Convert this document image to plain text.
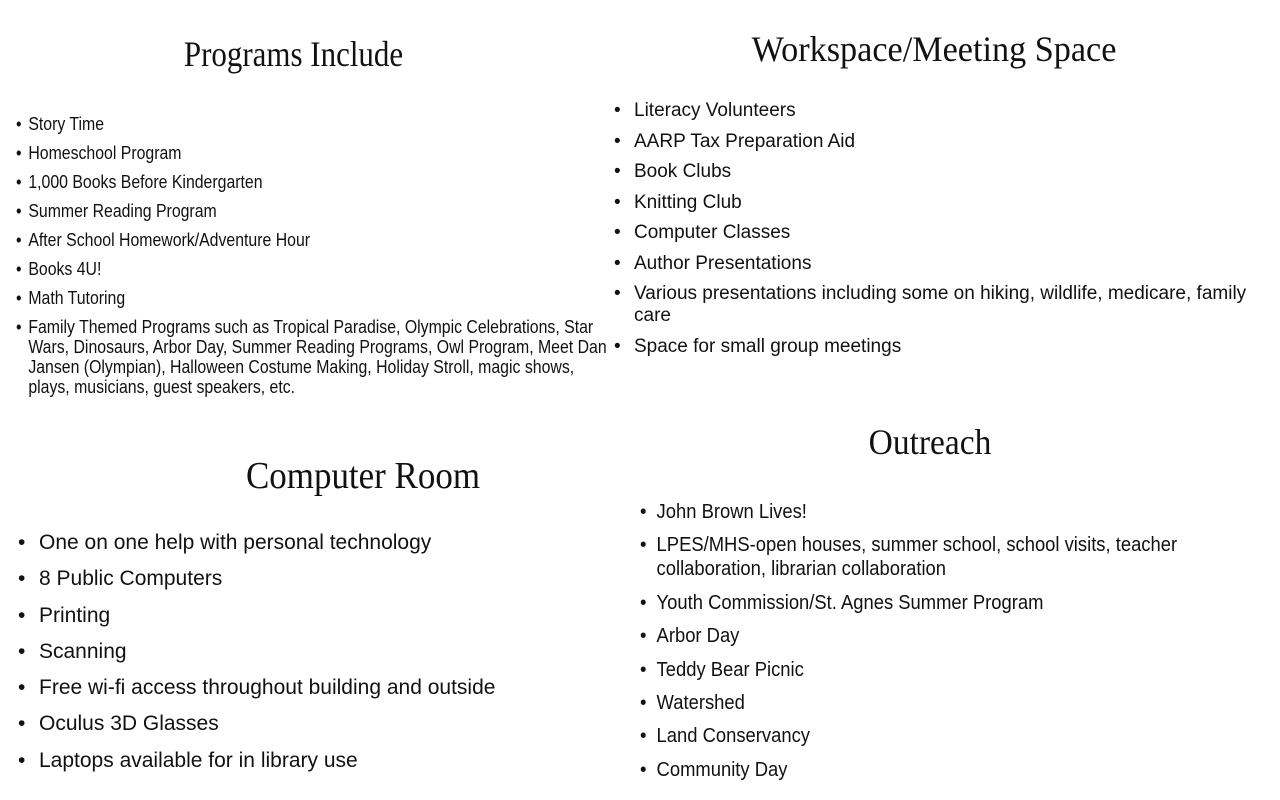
Programs Include
• Story Time
• Homeschool Program
• 1,000 Books Before Kindergarten
• Summer Reading Program
• After School Homework/Adventure Hour
• Books 4U!
• Math Tutoring
• Family Themed Programs such as Tropical Paradise, Olympic Celebrations, Star Wars, Dinosaurs, Arbor Day, Summer Reading Programs, Owl Program, Meet Dan Jansen (Olympian), Halloween Costume Making, Holiday Stroll, magic shows, plays, musicians, guest speakers, etc.
Workspace/Meeting Space
• Literacy Volunteers
• AARP Tax Preparation Aid
• Book Clubs
• Knitting Club
• Computer Classes
• Author Presentations
• Various presentations including some on hiking, wildlife, medicare, family care
• Space for small group meetings
Computer Room
• One on one help with personal technology
• 8 Public Computers
• Printing
• Scanning
• Free wi-fi access throughout building and outside
• Oculus 3D Glasses
• Laptops available for in library use
Outreach
• John Brown Lives!
• LPES/MHS-open houses, summer school, school visits, teacher collaboration, librarian collaboration
• Youth Commission/St. Agnes Summer Program
• Arbor Day
• Teddy Bear Picnic
• Watershed
• Land Conservancy
• Community Day
